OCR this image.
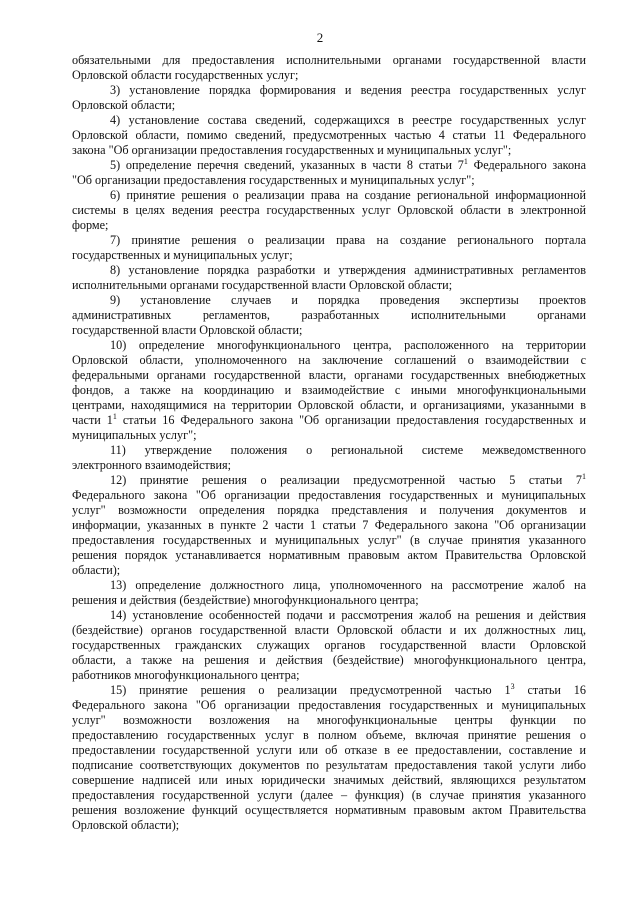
2
обязательными для предоставления исполнительными органами государственной власти
Орловской области государственных услуг;
3) установление порядка формирования и ведения реестра государственных услуг
Орловской области;
4) установление состава сведений, содержащихся в реестре государственных услуг
Орловской области, помимо сведений, предусмотренных частью 4 статьи 11 Федерального
закона "Об организации предоставления государственных и муниципальных услуг";
5) определение перечня сведений, указанных в части 8 статьи $7^1$ Федерального закона
"Об организации предоставления государственных и муниципальных услуг";
6) принятие решения о реализации права на создание региональной информационной
системы в целях ведения реестра государственных услуг Орловской области в электронной
форме;
7) принятие решения о реализации права на создание регионального портала
государственных и муниципальных услуг;
8) установление порядка разработки и утверждения административных регламентов
исполнительными органами государственной власти Орловской области;
9) установление случаев и порядка проведения экспертизы проектов
административных регламентов, разработанных исполнительными органами
государственной власти Орловской области;
10) определение многофункционального центра, расположенного на территории
Орловской области, уполномоченного на заключение соглашений о взаимодействии с
федеральными органами государственной власти, органами государственных внебюджетных
фондов, а также на координацию и взаимодействие с иными многофункциональными
центрами, находящимися на территории Орловской области, и организациями, указанными в
части $1^1$ статьи 16 Федерального закона "Об организации предоставления государственных и
муниципальных услуг";
11) утверждение положения о региональной системе межведомственного
электронного взаимодействия;
12) принятие решения о реализации предусмотренной частью 5 статьи $7^1$
Федерального закона "Об организации предоставления государственных и муниципальных
услуг" возможности определения порядка представления и получения документов и
информации, указанных в пункте 2 части 1 статьи 7 Федерального закона "Об организации
предоставления государственных и муниципальных услуг" (в случае принятия указанного
решения порядок устанавливается нормативным правовым актом Правительства Орловской
области);
13) определение должностного лица, уполномоченного на рассмотрение жалоб на
решения и действия (бездействие) многофункционального центра;
14) установление особенностей подачи и рассмотрения жалоб на решения и действия
(бездействие) органов государственной власти Орловской области и их должностных лиц,
государственных гражданских служащих органов государственной власти Орловской
области, а также на решения и действия (бездействие) многофункционального центра,
работников многофункционального центра;
15) принятие решения о реализации предусмотренной частью $1^3$ статьи 16
Федерального закона "Об организации предоставления государственных и муниципальных
услуг" возможности возложения на многофункциональные центры функции по
предоставлению государственных услуг в полном объеме, включая принятие решения о
предоставлении государственной услуги или об отказе в ее предоставлении, составление и
подписание соответствующих документов по результатам предоставления такой услуги либо
совершение надписей или иных юридически значимых действий, являющихся результатом
предоставления государственной услуги (далее – функция) (в случае принятия указанного
решения возложение функций осуществляется нормативным правовым актом Правительства
Орловской области);
